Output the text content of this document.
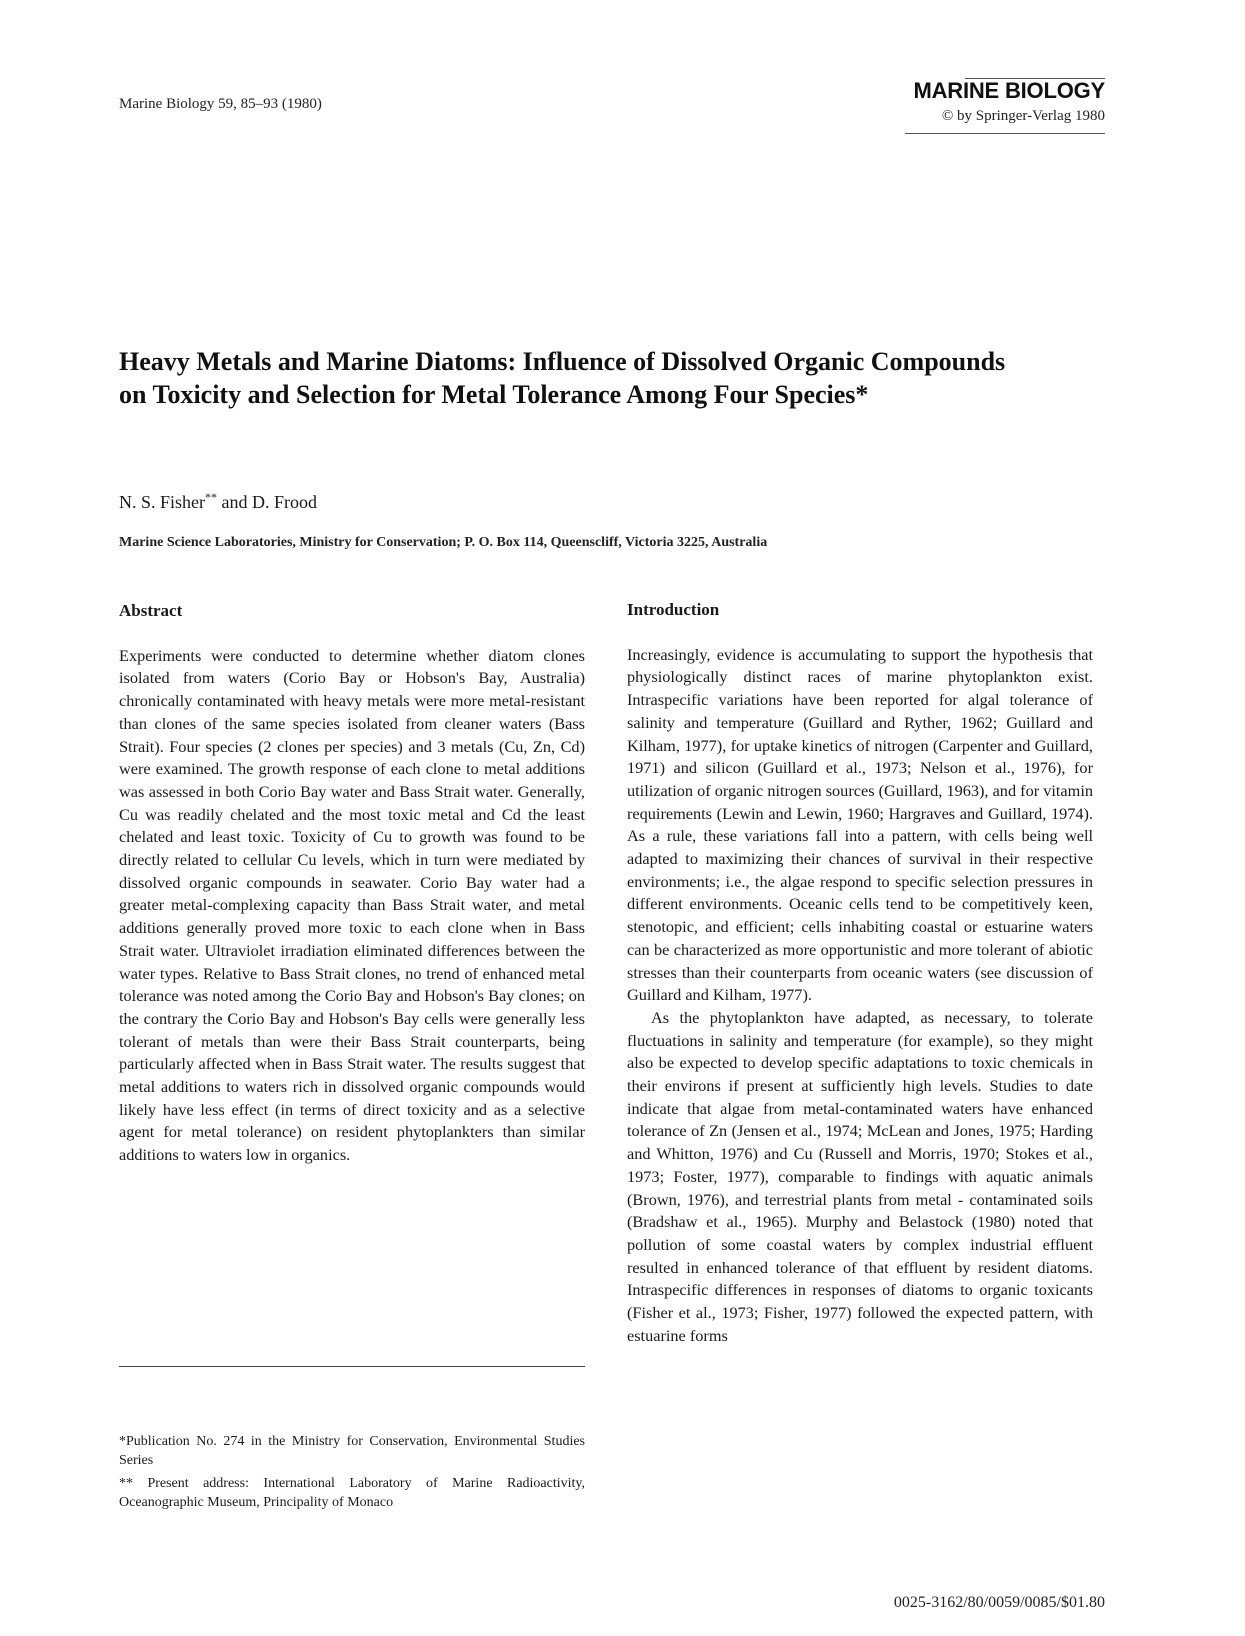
Marine Biology 59, 85–93 (1980)
MARINE BIOLOGY
© by Springer-Verlag 1980
Heavy Metals and Marine Diatoms: Influence of Dissolved Organic Compounds on Toxicity and Selection for Metal Tolerance Among Four Species*
N. S. Fisher** and D. Frood
Marine Science Laboratories, Ministry for Conservation; P. O. Box 114, Queenscliff, Victoria 3225, Australia
Abstract

Experiments were conducted to determine whether diatom clones isolated from waters (Corio Bay or Hobson's Bay, Australia) chronically contaminated with heavy metals were more metal-resistant than clones of the same species isolated from cleaner waters (Bass Strait). Four species (2 clones per species) and 3 metals (Cu, Zn, Cd) were examined. The growth response of each clone to metal additions was assessed in both Corio Bay water and Bass Strait water. Generally, Cu was readily chelated and the most toxic metal and Cd the least chelated and least toxic. Toxicity of Cu to growth was found to be directly related to cellular Cu levels, which in turn were mediated by dissolved organic compounds in seawater. Corio Bay water had a greater metal-complexing capacity than Bass Strait water, and metal additions generally proved more toxic to each clone when in Bass Strait water. Ultraviolet irradiation eliminated differences between the water types. Relative to Bass Strait clones, no trend of enhanced metal tolerance was noted among the Corio Bay and Hobson's Bay clones; on the contrary the Corio Bay and Hobson's Bay cells were generally less tolerant of metals than were their Bass Strait counterparts, being particularly affected when in Bass Strait water. The results suggest that metal additions to waters rich in dissolved organic compounds would likely have less effect (in terms of direct toxicity and as a selective agent for metal tolerance) on resident phytoplankters than similar additions to waters low in organics.

*Publication No. 274 in the Ministry for Conservation, Environmental Studies Series

** Present address: International Laboratory of Marine Radioactivity, Oceanographic Museum, Principality of Monaco

Introduction

Increasingly, evidence is accumulating to support the hypothesis that physiologically distinct races of marine phytoplankton exist. Intraspecific variations have been reported for algal tolerance of salinity and temperature (Guillard and Ryther, 1962; Guillard and Kilham, 1977), for uptake kinetics of nitrogen (Carpenter and Guillard, 1971) and silicon (Guillard et al., 1973; Nelson et al., 1976), for utilization of organic nitrogen sources (Guillard, 1963), and for vitamin requirements (Lewin and Lewin, 1960; Hargraves and Guillard, 1974). As a rule, these variations fall into a pattern, with cells being well adapted to maximizing their chances of survival in their respective environments; i.e., the algae respond to specific selection pressures in different environments. Oceanic cells tend to be competitively keen, stenotopic, and efficient; cells inhabiting coastal or estuarine waters can be characterized as more opportunistic and more tolerant of abiotic stresses than their counterparts from oceanic waters (see discussion of Guillard and Kilham, 1977).

As the phytoplankton have adapted, as necessary, to tolerate fluctuations in salinity and temperature (for example), so they might also be expected to develop specific adaptations to toxic chemicals in their environs if present at sufficiently high levels. Studies to date indicate that algae from metal-contaminated waters have enhanced tolerance of Zn (Jensen et al., 1974; McLean and Jones, 1975; Harding and Whitton, 1976) and Cu (Russell and Morris, 1970; Stokes et al., 1973; Foster, 1977), comparable to findings with aquatic animals (Brown, 1976), and terrestrial plants from metal - contaminated soils (Bradshaw et al., 1965). Murphy and Belastock (1980) noted that pollution of some coastal waters by complex industrial effluent resulted in enhanced tolerance of that effluent by resident diatoms. Intraspecific differences in responses of diatoms to organic toxicants (Fisher et al., 1973; Fisher, 1977) followed the expected pattern, with estuarine forms

0025-3162/80/0059/0085/$01.80
